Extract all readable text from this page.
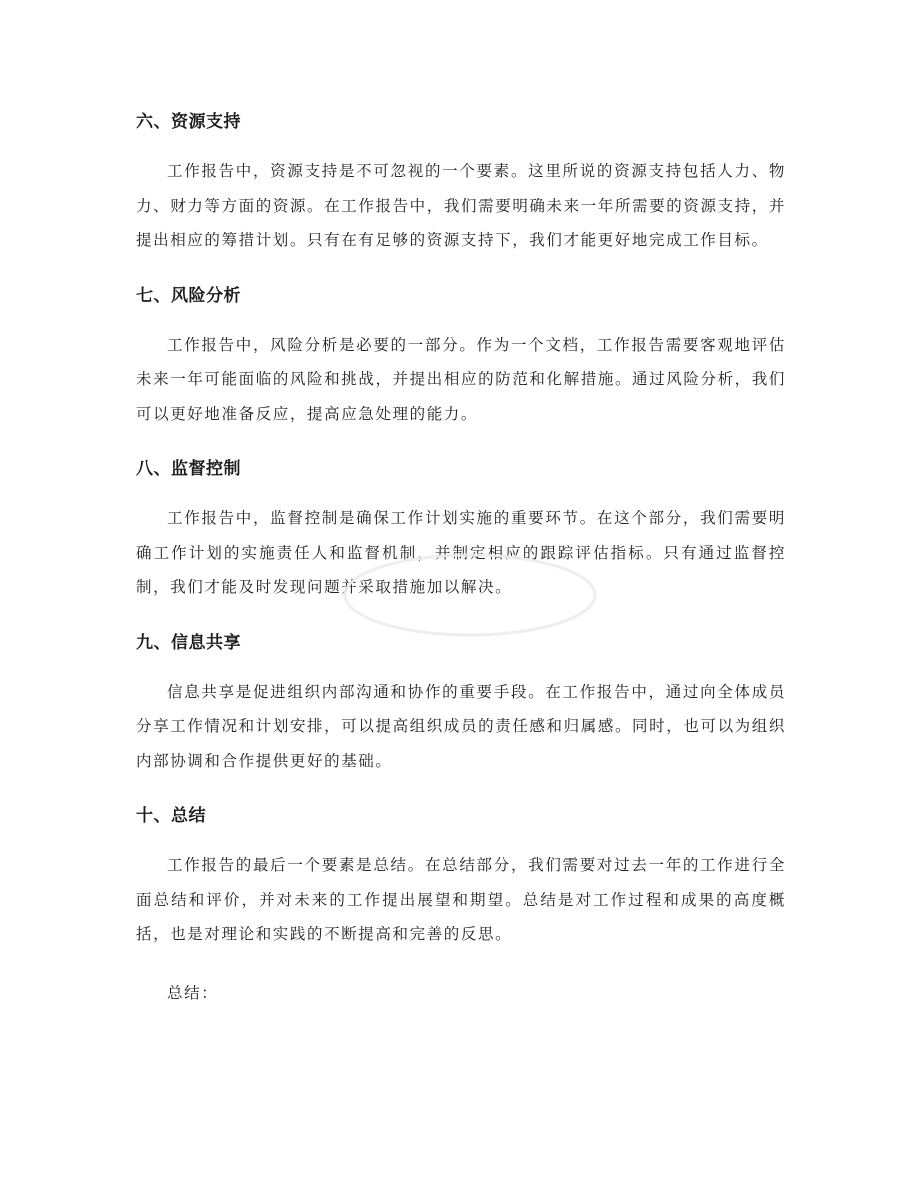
六、资源支持

工作报告中，资源支持是不可忽视的一个要素。这里所说的资源支持包括人力、物力、财力等方面的资源。在工作报告中，我们需要明确未来一年所需要的资源支持，并提出相应的筹措计划。只有在有足够的资源支持下，我们才能更好地完成工作目标。

七、风险分析

工作报告中，风险分析是必要的一部分。作为一个文档，工作报告需要客观地评估未来一年可能面临的风险和挑战，并提出相应的防范和化解措施。通过风险分析，我们可以更好地准备反应，提高应急处理的能力。

八、监督控制

工作报告中，监督控制是确保工作计划实施的重要环节。在这个部分，我们需要明确工作计划的实施责任人和监督机制，并制定相应的跟踪评估指标。只有通过监督控制，我们才能及时发现问题并采取措施加以解决。

九、信息共享

信息共享是促进组织内部沟通和协作的重要手段。在工作报告中，通过向全体成员分享工作情况和计划安排，可以提高组织成员的责任感和归属感。同时，也可以为组织内部协调和合作提供更好的基础。

十、总结

工作报告的最后一个要素是总结。在总结部分，我们需要对过去一年的工作进行全面总结和评价，并对未来的工作提出展望和期望。总结是对工作过程和成果的高度概括，也是对理论和实践的不断提高和完善的反思。

总结：
